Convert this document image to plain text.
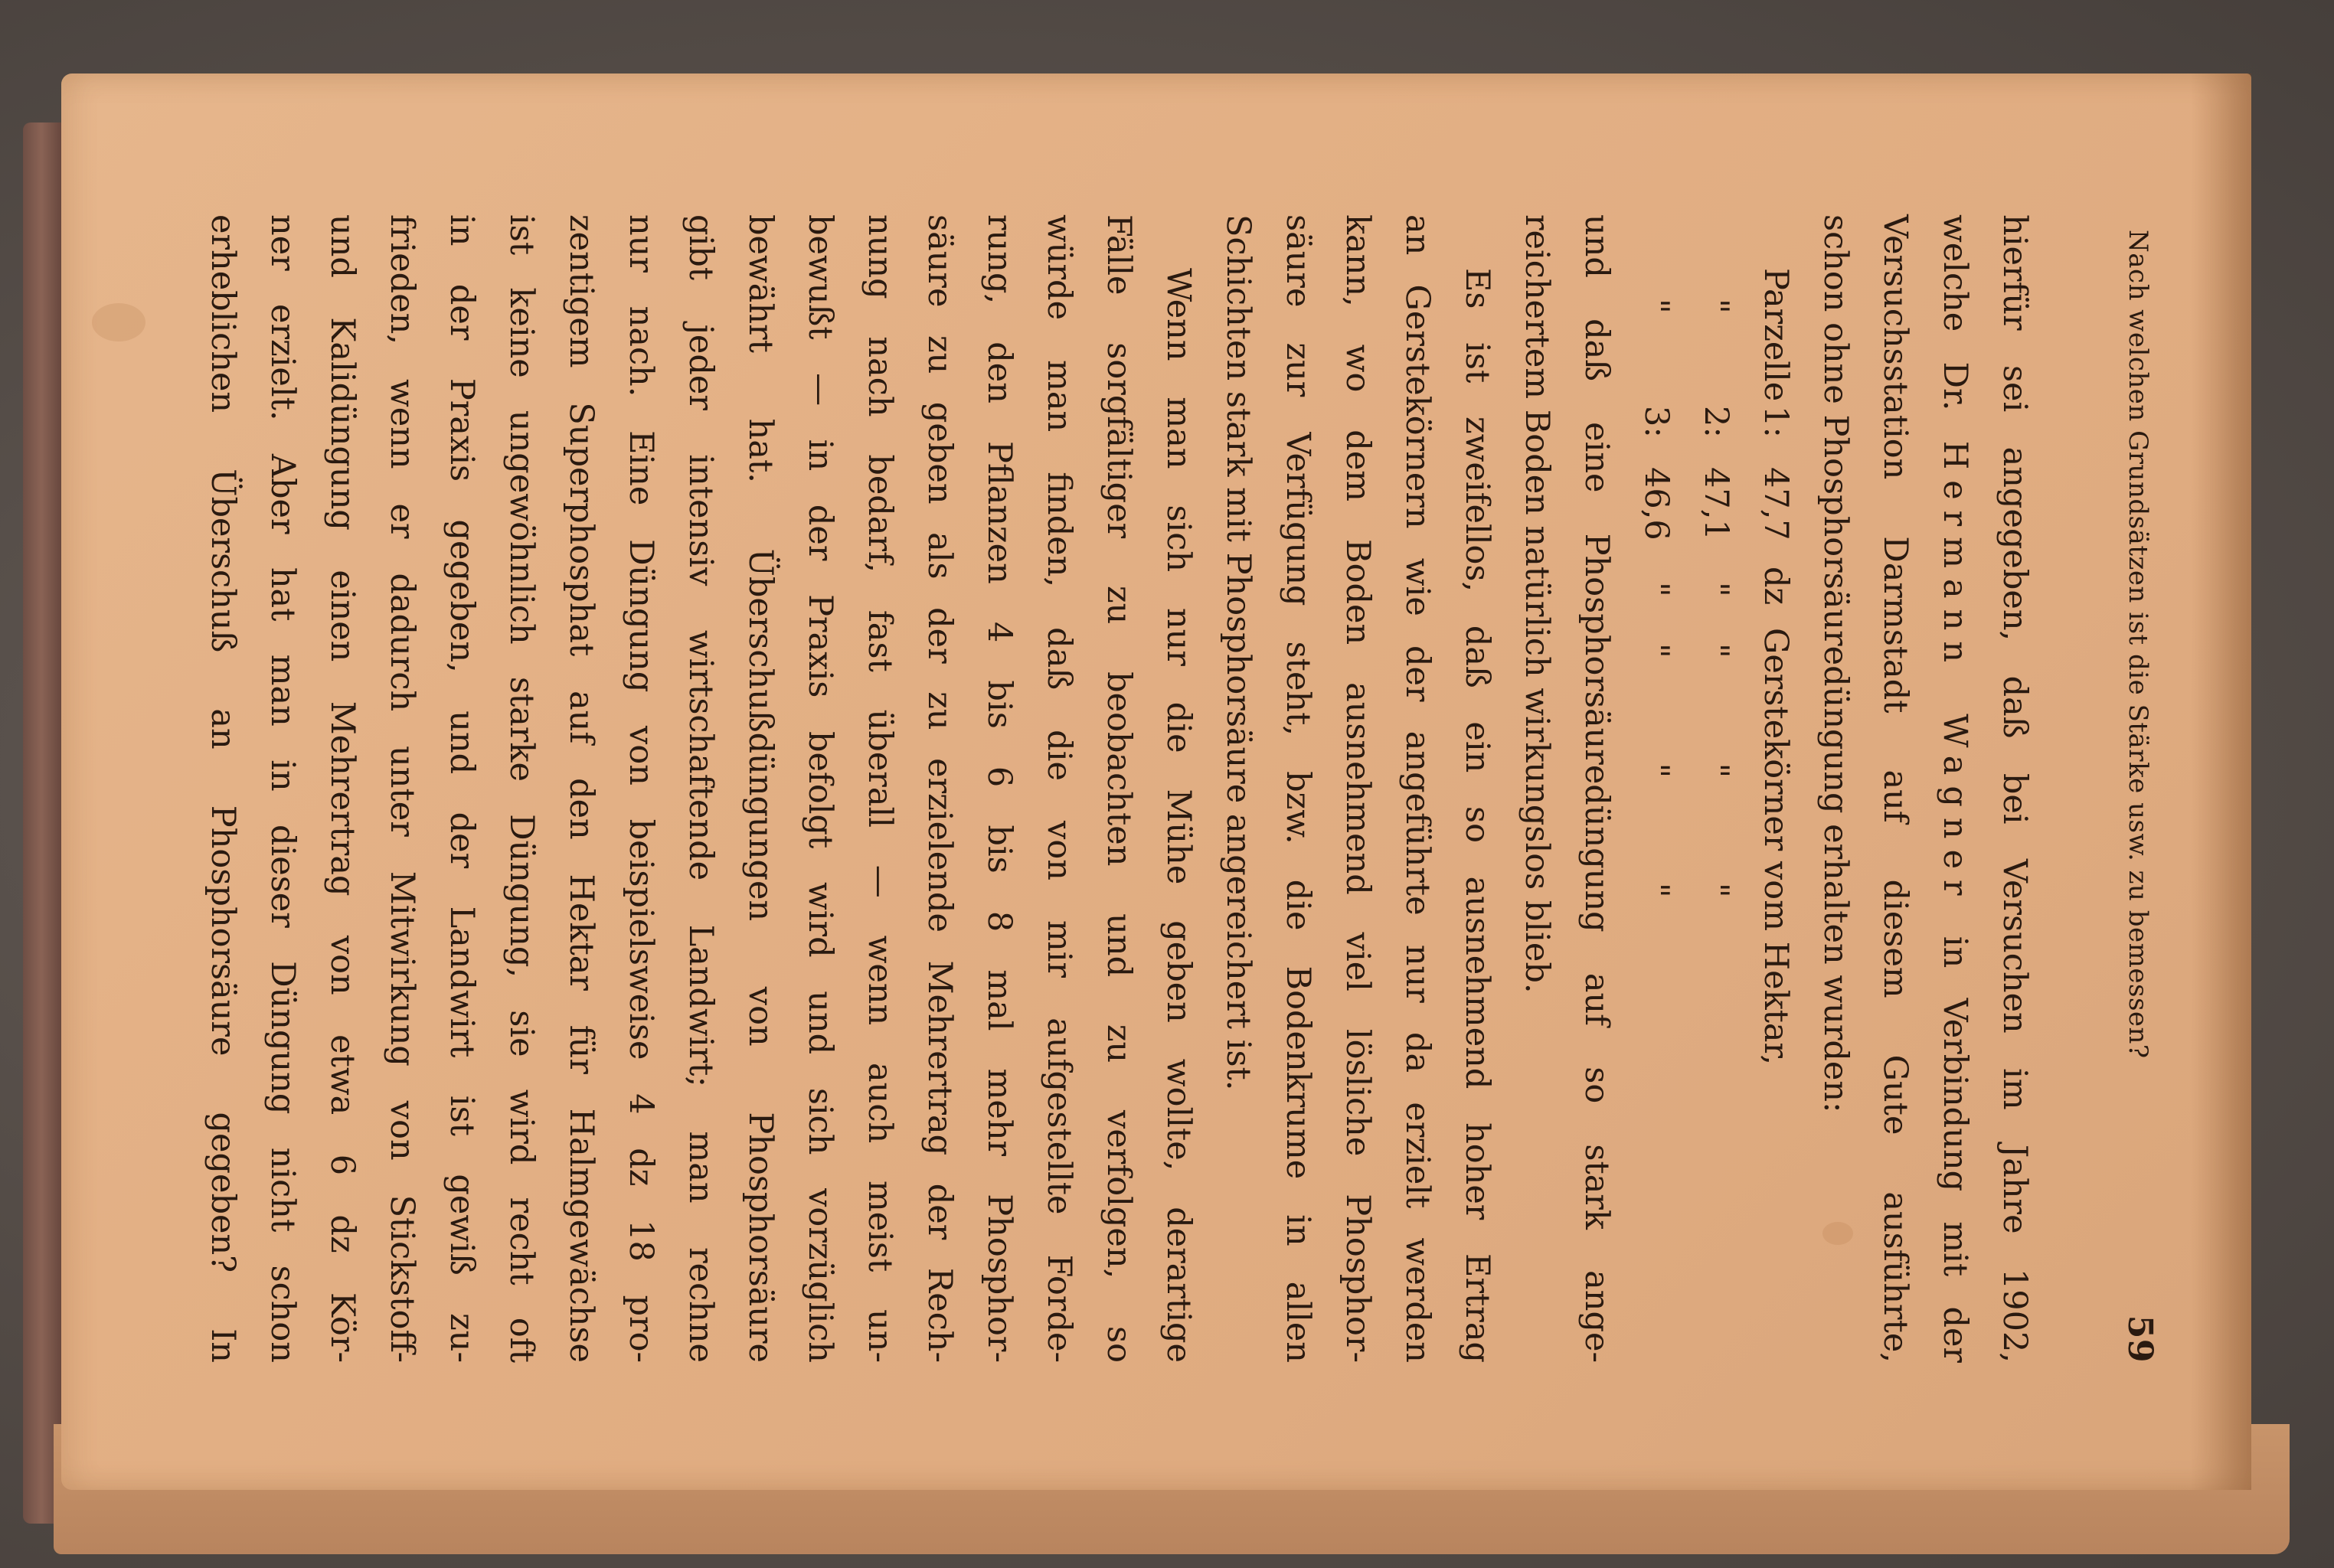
Nach welchen Grundsätzen ist die Stärke usw. zu bemessen?
59
hierfür sei angegeben, daß bei Versuchen im Jahre 1902,
welche Dr. Hermann Wagner in Verbindung mit der
Versuchsstation Darmstadt auf diesem Gute ausführte,
schon ohne Phosphorsäuredüngung erhalten wurden:
Parzelle
1:
47,7
dz
Gerstekörner vom Hektar,
"
2:
47,1
"
"          "          "
"
3:
46,6
"
"          "          "
und daß eine Phosphorsäuredüngung auf so stark ange-
reichertem Boden natürlich wirkungslos blieb.
Es ist zweifellos, daß ein so ausnehmend hoher Ertrag
an Gerstekörnern wie der angeführte nur da erzielt werden
kann, wo dem Boden ausnehmend viel lösliche Phosphor-
säure zur Verfügung steht, bzw. die Bodenkrume in allen
Schichten stark mit Phosphorsäure angereichert ist.
Wenn man sich nur die Mühe geben wollte, derartige
Fälle sorgfältiger zu beobachten und zu verfolgen, so
würde man finden, daß die von mir aufgestellte Forde-
rung, den Pflanzen 4 bis 6 bis 8 mal mehr Phosphor-
säure zu geben als der zu erzielende Mehrertrag der Rech-
nung nach bedarf, fast überall — wenn auch meist un-
bewußt — in der Praxis befolgt wird und sich vorzüglich
bewährt hat. Überschußdüngungen von Phosphorsäure
gibt jeder intensiv wirtschaftende Landwirt; man rechne
nur nach. Eine Düngung von beispielsweise 4 dz 18 pro-
zentigem Superphosphat auf den Hektar für Halmgewächse
ist keine ungewöhnlich starke Düngung, sie wird recht oft
in der Praxis gegeben, und der Landwirt ist gewiß zu-
frieden, wenn er dadurch unter Mitwirkung von Stickstoff-
und Kalidüngung einen Mehrertrag von etwa 6 dz Kör-
ner erzielt. Aber hat man in dieser Düngung nicht schon
erheblichen Überschuß an Phosphorsäure gegeben? In
